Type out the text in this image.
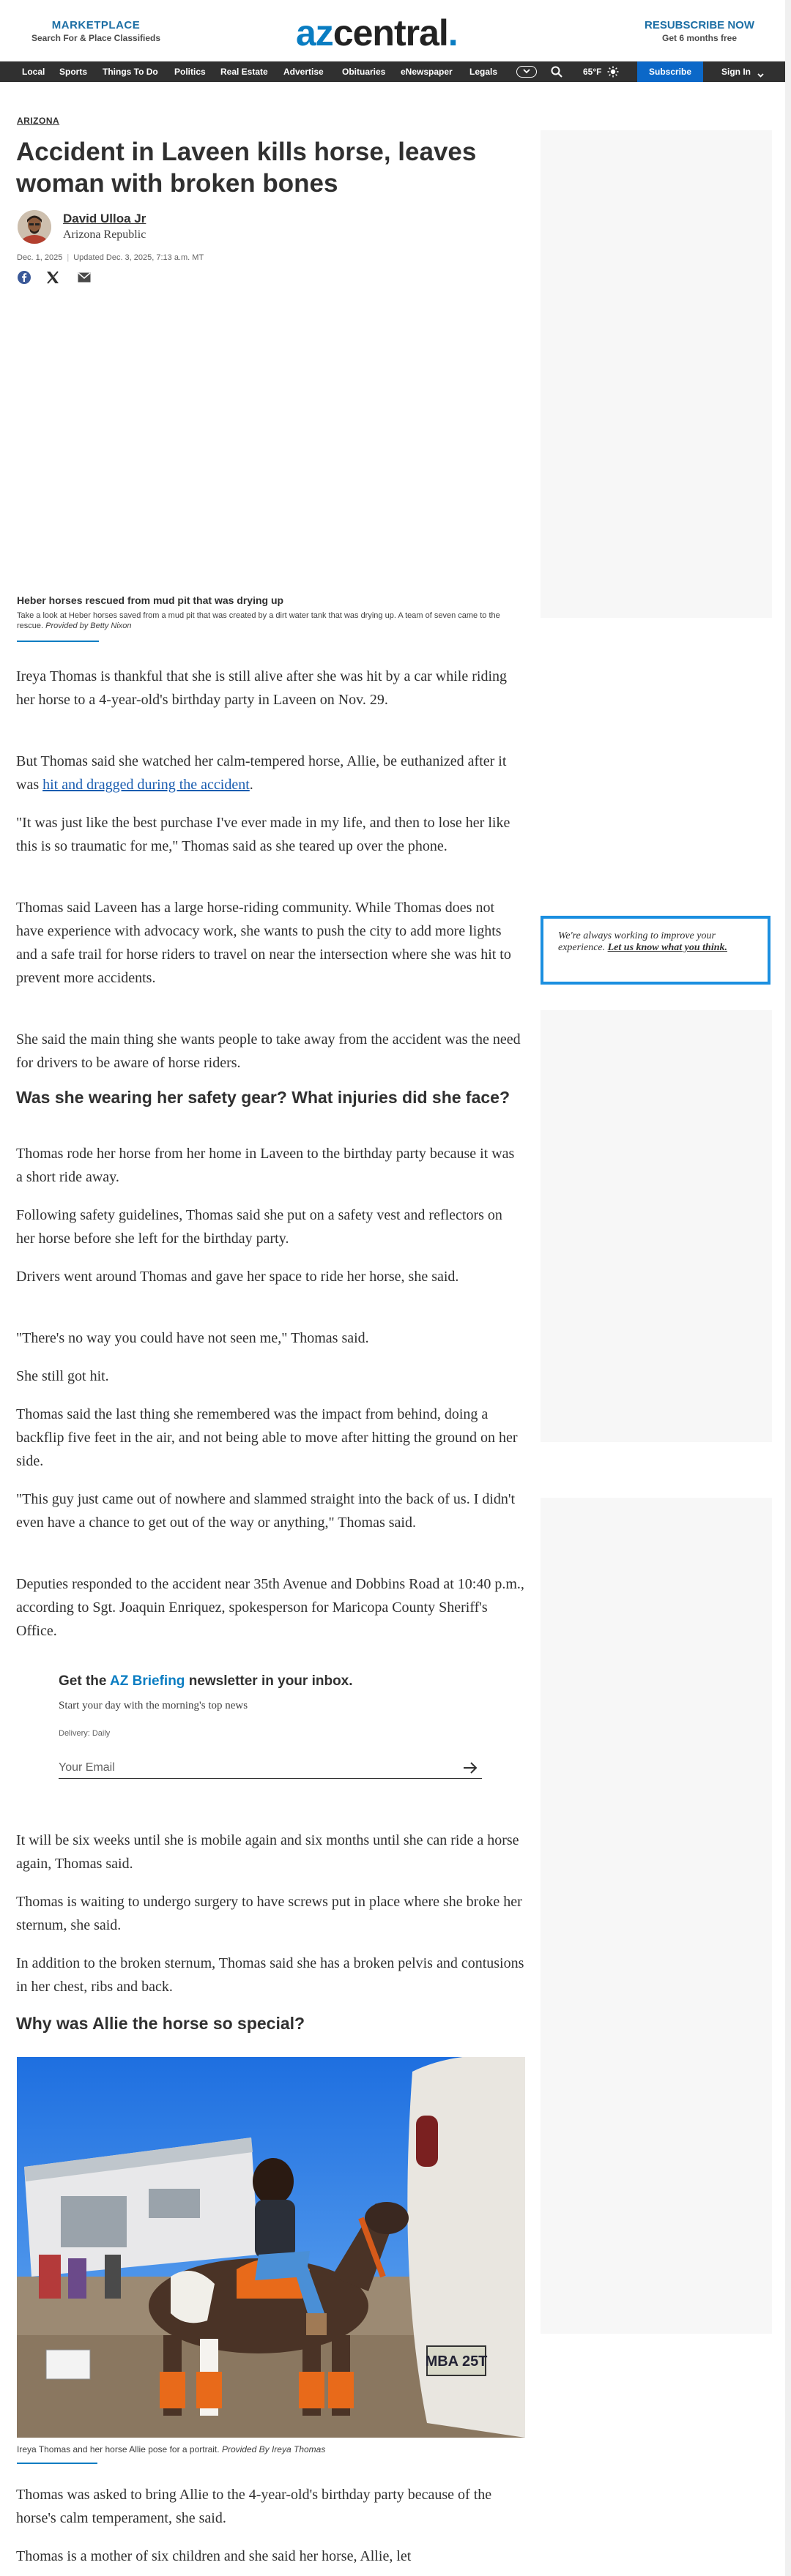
MARKETPLACE
Search For & Place Classifieds	azcentral.	RESUBSCRIBE NOW
Get 6 months free
Local Sports Things To Do Politics Real Estate Advertise Obituaries eNewspaper Legals	65°F	Subscribe	Sign In
ARIZONA
Accident in Laveen kills horse, leaves woman with broken bones
David Ulloa Jr
Arizona Republic
Dec. 1, 2025 | Updated Dec. 3, 2025, 7:13 a.m. MT
Heber horses rescued from mud pit that was drying up
Take a look at Heber horses saved from a mud pit that was created by a dirt water tank that was drying up. A team of seven came to the rescue. Provided by Betty Nixon

Ireya Thomas is thankful that she is still alive after she was hit by a car while riding her horse to a 4-year-old's birthday party in Laveen on Nov. 29.

But Thomas said she watched her calm-tempered horse, Allie, be euthanized after it was hit and dragged during the accident.

"It was just like the best purchase I've ever made in my life, and then to lose her like this is so traumatic for me," Thomas said as she teared up over the phone.

Thomas said Laveen has a large horse-riding community. While Thomas does not have experience with advocacy work, she wants to push the city to add more lights and a safe trail for horse riders to travel on near the intersection where she was hit to prevent more accidents.

She said the main thing she wants people to take away from the accident was the need for drivers to be aware of horse riders.

Was she wearing her safety gear? What injuries did she face?

Thomas rode her horse from her home in Laveen to the birthday party because it was a short ride away.

Following safety guidelines, Thomas said she put on a safety vest and reflectors on her horse before she left for the birthday party.

Drivers went around Thomas and gave her space to ride her horse, she said.

"There's no way you could have not seen me," Thomas said.

She still got hit.

Thomas said the last thing she remembered was the impact from behind, doing a backflip five feet in the air, and not being able to move after hitting the ground on her side.

"This guy just came out of nowhere and slammed straight into the back of us. I didn't even have a chance to get out of the way or anything," Thomas said.

Deputies responded to the accident near 35th Avenue and Dobbins Road at 10:40 p.m., according to Sgt. Joaquin Enriquez, spokesperson for Maricopa County Sheriff's Office.

Get the AZ Briefing newsletter in your inbox.
Start your day with the morning's top news
Delivery: Daily
Your Email

It will be six weeks until she is mobile again and six months until she can ride a horse again, Thomas said.

Thomas is waiting to undergo surgery to have screws put in place where she broke her sternum, she said.

In addition to the broken sternum, Thomas said she has a broken pelvis and contusions in her chest, ribs and back.

Why was Allie the horse so special?
MBA 25T
Ireya Thomas and her horse Allie pose for a portrait. Provided By Ireya Thomas

Thomas was asked to bring Allie to the 4-year-old's birthday party because of the horse's calm temperament, she said.

Thomas is a mother of six children and she said her horse, Allie, let

We're always working to improve your experience. Let us know what you think.
